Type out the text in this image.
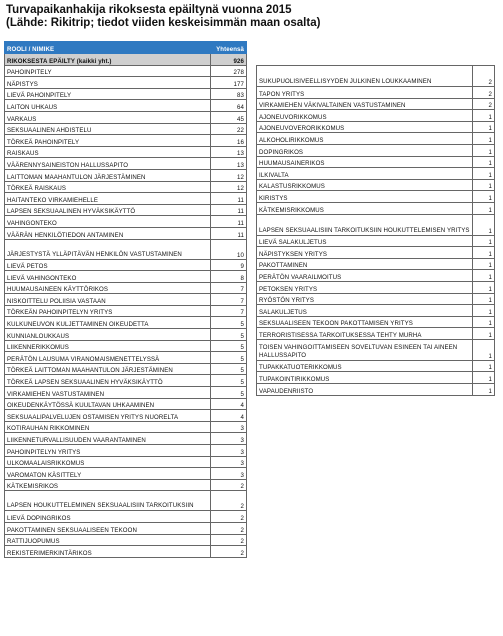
Turvapaikanhakija rikoksesta epäiltynä vuonna 2015
(Lähde: Rikitrip; tiedot viiden keskeisimmän maan osalta)
ROOLI / NIMIKE	Yhteensä
RIKOKSESTA EPÄILTY (kaikki yht.)	926
PAHOINPITELY	278
NÄPISTYS	177
LIEVÄ PAHOINPITELY	83
LAITON UHKAUS	64
VARKAUS	45
SEKSUAALINEN AHDISTELU	22
TÖRKEÄ PAHOINPITELY	16
RAISKAUS	13
VÄÄRENNYSAINEISTON HALLUSSAPITO	13
LAITTOMAN MAAHANTULON JÄRJESTÄMINEN	12
TÖRKEÄ RAISKAUS	12
HAITANTEKO VIRKAMIEHELLE	11
LAPSEN SEKSUAALINEN HYVÄKSIKÄYTTÖ	11
VAHINGONTEKO	11
VÄÄRÄN HENKILÖTIEDON ANTAMINEN	11
JÄRJESTYSTÄ YLLÄPITÄVÄN HENKILÖN VASTUSTAMINEN	10
LIEVÄ PETOS	9
LIEVÄ VAHINGONTEKO	8
HUUMAUSAINEEN KÄYTTÖRIKOS	7
NISKOITTELU POLIISIA VASTAAN	7
TÖRKEÄN PAHOINPITELYN YRITYS	7
KULKUNEUVON KULJETTAMINEN OIKEUDETTA	5
KUNNIANLOUKKAUS	5
LIIKENNERIKKOMUS	5
PERÄTÖN LAUSUMA VIRANOMAISMENETTELYSSÄ	5
TÖRKEÄ LAITTOMAN MAAHANTULON JÄRJESTÄMINEN	5
TÖRKEÄ LAPSEN SEKSUAALINEN HYVÄKSIKÄYTTÖ	5
VIRKAMIEHEN VASTUSTAMINEN	5
OIKEUDENKÄYTÖSSÄ KUULTAVAN UHKAAMINEN	4
SEKSUAALIPALVELUJEN OSTAMISEN YRITYS NUORELTA	4
KOTIRAUHAN RIKKOMINEN	3
LIIKENNETURVALLISUUDEN VAARANTAMINEN	3
PAHOINPITELYN YRITYS	3
ULKOMAALAISRIKKOMUS	3
VAROMATON KÄSITTELY	3
KÄTKEMISRIKOS	2
LAPSEN HOUKUTTELEMINEN SEKSUAALISIIN TARKOITUKSIIN	2
LIEVÄ DOPINGRIKOS	2
PAKOTTAMINEN SEKSUAALISEEN TEKOON	2
RATTIJUOPUMUS	2
REKISTERIMERKINTÄRIKOS	2
SUKUPUOLISIVEELLISYYDEN JULKINEN LOUKKAAMINEN	2
TAPON YRITYS	2
VIRKAMIEHEN VÄKIVALTAINEN VASTUSTAMINEN	2
AJONEUVORIKKOMUS	1
AJONEUVOVERORIKKOMUS	1
ALKOHOLIRIKKOMUS	1
DOPINGRIKOS	1
HUUMAUSAINERIKOS	1
ILKIVALTA	1
KALASTUSRIKKOMUS	1
KIRISTYS	1
KÄTKEMISRIKKOMUS	1
LAPSEN SEKSUAALISIIN TARKOITUKSIIN HOUKUTTELEMISEN YRITYS	1
LIEVÄ SALAKULJETUS	1
NÄPISTYKSEN YRITYS	1
PAKOTTAMINEN	1
PERÄTÖN VAARAILMOITUS	1
PETOKSEN YRITYS	1
RYÖSTÖN YRITYS	1
SALAKULJETUS	1
SEKSUAALISEEN TEKOON PAKOTTAMISEN YRITYS	1
TERRORISTISESSA TARKOITUKSESSA TEHTY MURHA	1
TOISEN VAHINGOITTAMISEEN SOVELTUVAN ESINEEN TAI AINEEN HALLUSSAPITO	1
TUPAKKATUOTERIKKOMUS	1
TUPAKOINTIRIKKOMUS	1
VAPAUDENRIISTO	1
